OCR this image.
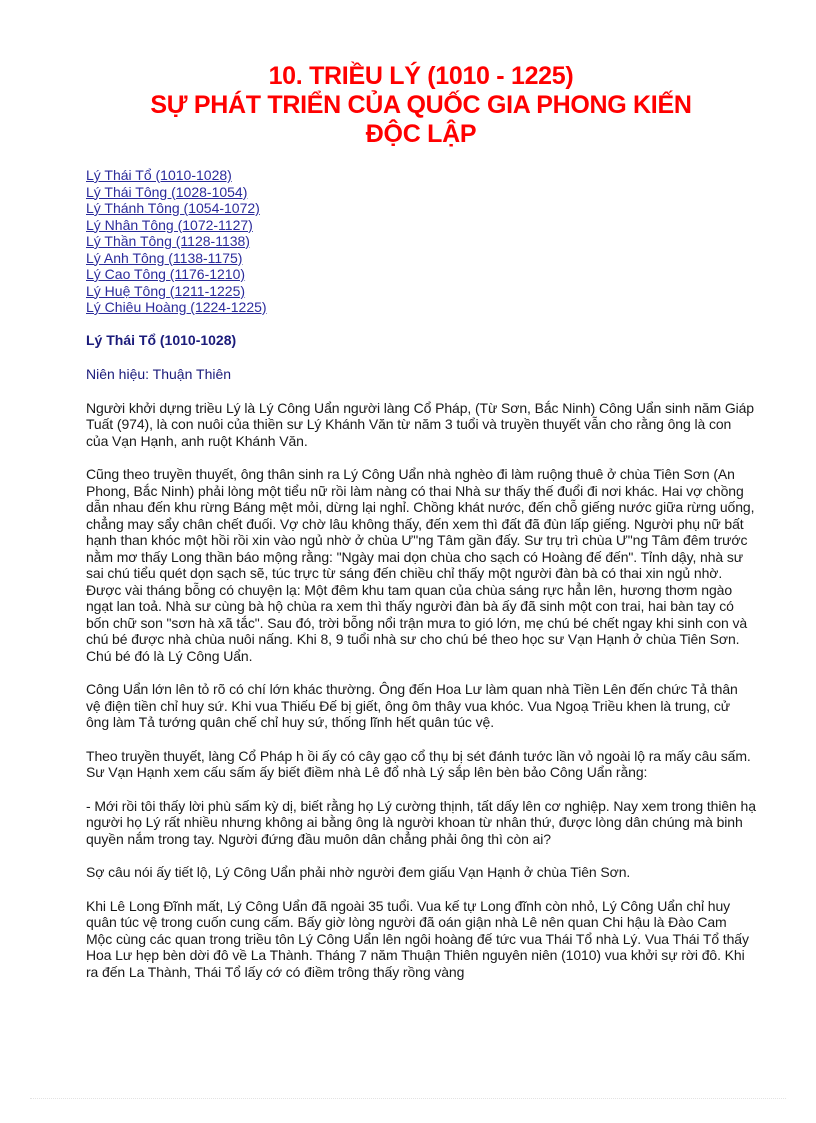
10. TRIỀU LÝ (1010 - 1225)
SỰ PHÁT TRIỂN CỦA QUỐC GIA PHONG KIẾN
ĐỘC LẬP
Lý Thái Tổ (1010-1028)
Lý Thái Tông (1028-1054)
Lý Thánh Tông (1054-1072)
Lý Nhân Tông (1072-1127)
Lý Thần Tông (1128-1138)
Lý Anh Tông (1138-1175)
Lý Cao Tông (1176-1210)
Lý Huệ Tông (1211-1225)
Lý Chiêu Hoàng (1224-1225)

Lý Thái Tổ (1010-1028)

Niên hiệu: Thuận Thiên

Người khởi dựng triều Lý là Lý Công Uẩn người làng Cổ Pháp, (Từ Sơn, Bắc Ninh) Công Uẩn sinh năm Giáp Tuất (974), là con nuôi của thiền sư Lý Khánh Văn từ năm 3 tuổi và truyền thuyết vẫn cho rằng ông là con của Vạn Hạnh, anh ruột Khánh Văn.

Cũng theo truyền thuyết, ông thân sinh ra Lý Công Uẩn nhà nghèo đi làm ruộng thuê ở chùa Tiên Sơn (An Phong, Bắc Ninh) phải lòng một tiểu nữ rồi làm nàng có thai Nhà sư thấy thế đuổi đi nơi khác. Hai vợ chồng dẫn nhau đến khu rừng Báng mệt mỏi, dừng lại nghỉ. Chồng khát nước, đến chỗ giếng nước giữa rừng uống, chẳng may sẩy chân chết đuối. Vợ chờ lâu không thấy, đến xem thì đất đã đùn lấp giếng. Người phụ nữ bất hạnh than khóc một hồi rồi xin vào ngủ nhờ ở chùa Ư"ng Tâm gần đấy. Sư trụ trì chùa Ư"ng Tâm đêm trước nằm mơ thấy Long thần báo mộng rằng: "Ngày mai dọn chùa cho sạch có Hoàng đế đến". Tỉnh dậy, nhà sư sai chú tiểu quét dọn sạch sẽ, túc trực từ sáng đến chiều chỉ thấy một người đàn bà có thai xin ngủ nhờ. Được vài tháng bỗng có chuyện lạ: Một đêm khu tam quan của chùa sáng rực hẳn lên, hương thơm ngào ngạt lan toả. Nhà sư cùng bà hộ chùa ra xem thì thấy người đàn bà ấy đã sinh một con trai, hai bàn tay có bốn chữ son "sơn hà xã tắc". Sau đó, trời bỗng nổi trận mưa to gió lớn, mẹ chú bé chết ngay khi sinh con và chú bé được nhà chùa nuôi nấng. Khi 8, 9 tuổi nhà sư cho chú bé theo học sư Vạn Hạnh ở chùa Tiên Sơn. Chú bé đó là Lý Công Uẩn.

Công Uẩn lớn lên tỏ rõ có chí lớn khác thường. Ông đến Hoa Lư làm quan nhà Tiền Lên đến chức Tả thân vệ điện tiền chỉ huy sứ. Khi vua Thiếu Đế bị giết, ông ôm thây vua khóc. Vua Ngoạ Triều khen là trung, cử ông làm Tả tướng quân chế chỉ huy sứ, thống lĩnh hết quân túc vệ.

Theo truyền thuyết, làng Cổ Pháp h ồi ấy có cây gạo cổ thụ bị sét đánh tước lần vỏ ngoài lộ ra mấy câu sấm. Sư Vạn Hạnh xem cấu sấm ấy biết điềm nhà Lê đổ nhà Lý sắp lên bèn bảo Công Uẩn rằng:

- Mới rồi tôi thấy lời phù sấm kỳ dị, biết rằng họ Lý cường thịnh, tất dấy lên cơ nghiệp. Nay xem trong thiên hạ người họ Lý rất nhiều nhưng không ai bằng ông là người khoan từ nhân thứ, được lòng dân chúng mà binh quyền nắm trong tay. Người đứng đầu muôn dân chẳng phải ông thì còn ai?

Sợ câu nói ấy tiết lộ, Lý Công Uẩn phải nhờ người đem giấu Vạn Hạnh ở chùa Tiên Sơn.

Khi Lê Long Đĩnh mất, Lý Công Uẩn đã ngoài 35 tuổi. Vua kế tự Long đĩnh còn nhỏ, Lý Công Uẩn chỉ huy quân túc vệ trong cuốn cung cấm. Bấy giờ lòng người đã oán giận nhà Lê nên quan Chi hậu là Đào Cam Mộc cùng các quan trong triều tôn Lý Công Uẩn lên ngôi hoàng đế tức vua Thái Tổ nhà Lý. Vua Thái Tổ thấy Hoa Lư hẹp bèn dời đô về La Thành. Tháng 7 năm Thuận Thiên nguyên niên (1010) vua khởi sự rời đô. Khi ra đến La Thành, Thái Tổ lấy cớ có điềm trông thấy rồng vàng
